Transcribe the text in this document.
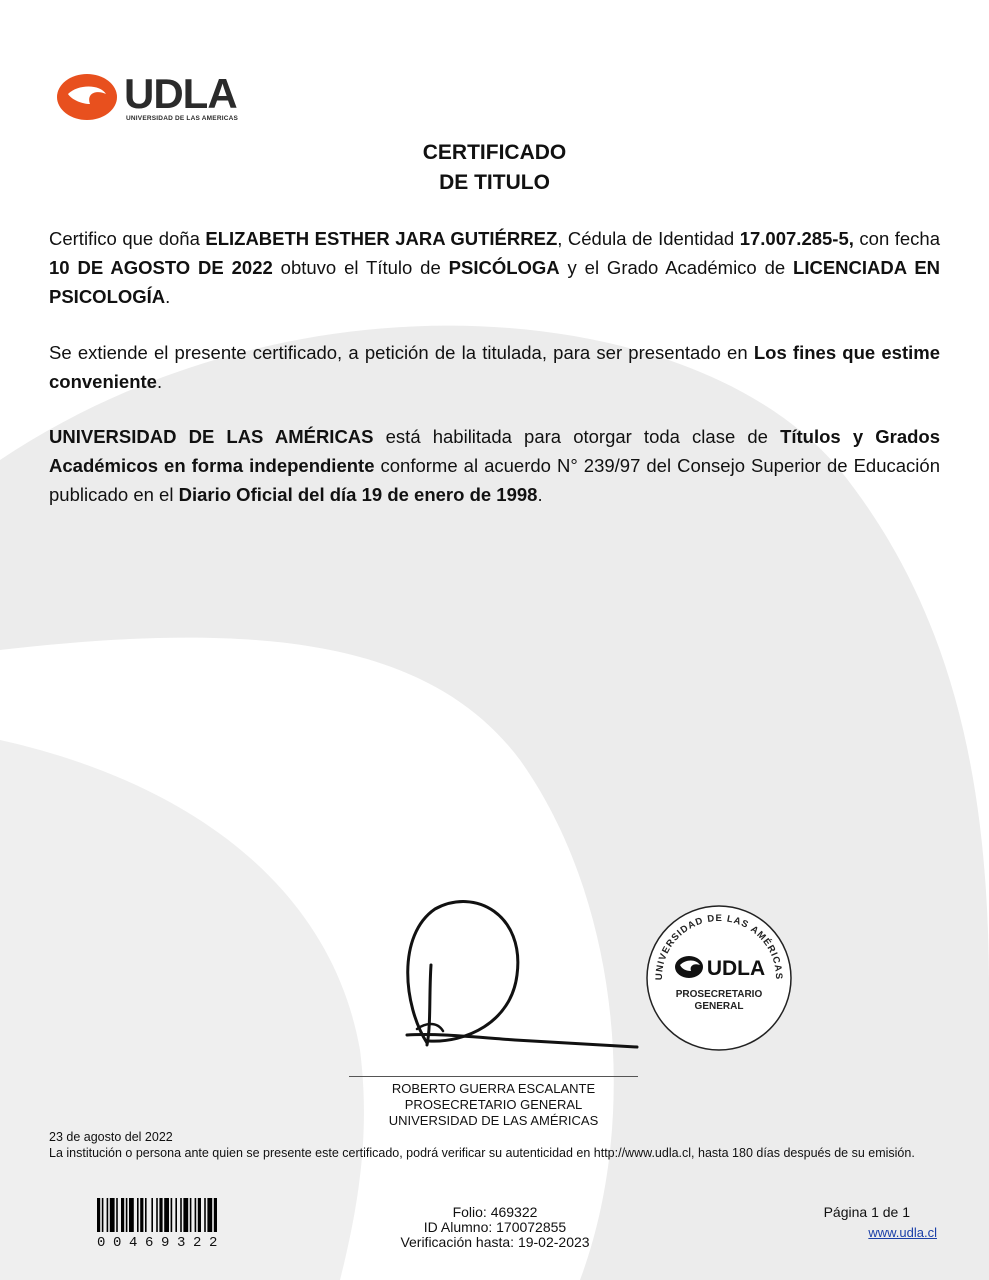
UDLA
UNIVERSIDAD DE LAS AMERICAS
CERTIFICADO
DE TITULO
Certifico que doña ELIZABETH ESTHER JARA GUTIÉRREZ, Cédula de Identidad 17.007.285-5, con fecha 10 DE AGOSTO DE 2022 obtuvo el Título de PSICÓLOGA y el Grado Académico de LICENCIADA EN PSICOLOGÍA.
Se extiende el presente certificado, a petición de la titulada, para ser presentado en Los fines que estime conveniente.
UNIVERSIDAD DE LAS AMÉRICAS está habilitada para otorgar toda clase de Títulos y Grados Académicos en forma independiente conforme al acuerdo N° 239/97 del Consejo Superior de Educación publicado en el Diario Oficial del día 19 de enero de 1998.
UNIVERSIDAD DE LAS AMÉRICAS
UDLA
PROSECRETARIO
GENERAL
ROBERTO GUERRA ESCALANTE
PROSECRETARIO GENERAL
UNIVERSIDAD DE LAS AMÉRICAS
23 de agosto del 2022
La institución o persona ante quien se presente este certificado, podrá verificar su autenticidad en http://www.udla.cl, hasta 180 días después de su emisión.
00469322
Folio: 469322
ID Alumno: 170072855
Verificación hasta: 19-02-2023
Página 1 de 1
www.udla.cl
